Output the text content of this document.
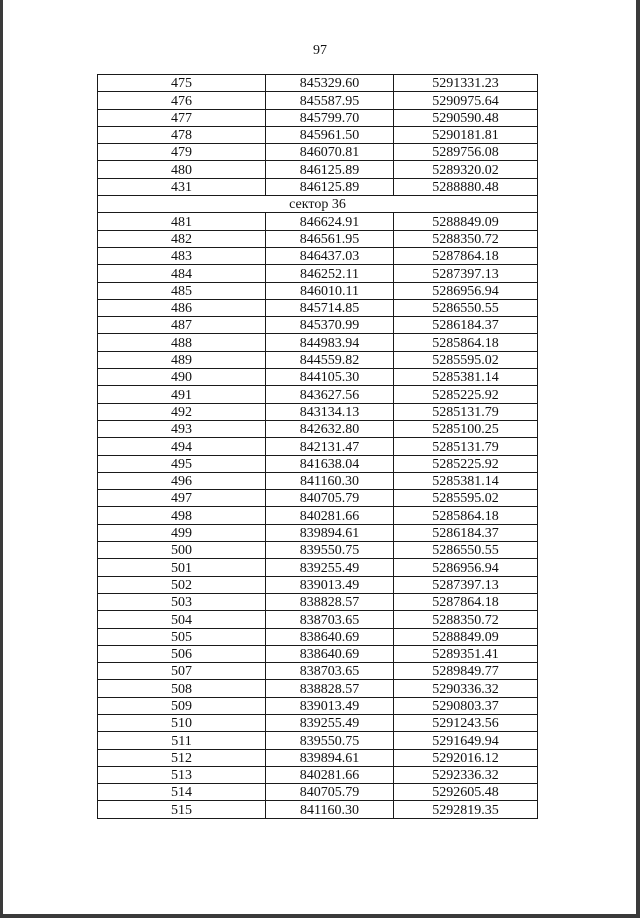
97
475	845329.60	5291331.23
476	845587.95	5290975.64
477	845799.70	5290590.48
478	845961.50	5290181.81
479	846070.81	5289756.08
480	846125.89	5289320.02
431	846125.89	5288880.48
сектор 36		
481	846624.91	5288849.09
482	846561.95	5288350.72
483	846437.03	5287864.18
484	846252.11	5287397.13
485	846010.11	5286956.94
486	845714.85	5286550.55
487	845370.99	5286184.37
488	844983.94	5285864.18
489	844559.82	5285595.02
490	844105.30	5285381.14
491	843627.56	5285225.92
492	843134.13	5285131.79
493	842632.80	5285100.25
494	842131.47	5285131.79
495	841638.04	5285225.92
496	841160.30	5285381.14
497	840705.79	5285595.02
498	840281.66	5285864.18
499	839894.61	5286184.37
500	839550.75	5286550.55
501	839255.49	5286956.94
502	839013.49	5287397.13
503	838828.57	5287864.18
504	838703.65	5288350.72
505	838640.69	5288849.09
506	838640.69	5289351.41
507	838703.65	5289849.77
508	838828.57	5290336.32
509	839013.49	5290803.37
510	839255.49	5291243.56
511	839550.75	5291649.94
512	839894.61	5292016.12
513	840281.66	5292336.32
514	840705.79	5292605.48
515	841160.30	5292819.35
